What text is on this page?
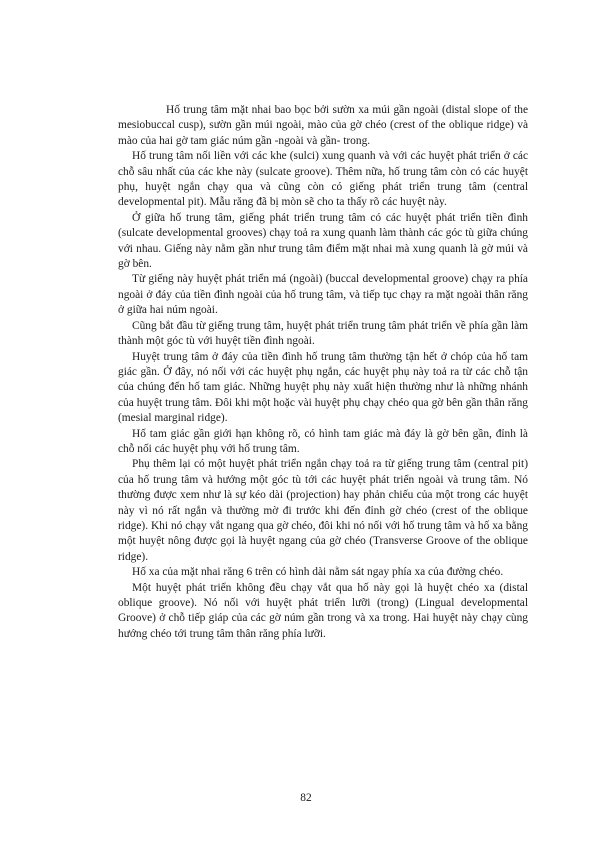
Hố trung tâm mặt nhai bao bọc bởi sườn xa múi gần ngoài (distal slope of the mesiobuccal cusp), sườn gần múi ngoài, mào của gờ chéo (crest of the oblique ridge) và mào của hai gờ tam giác núm gần -ngoài và gần- trong.

Hố trung tâm nối liền với các khe (sulci) xung quanh và với các huyệt phát triển ở các chỗ sâu nhất của các khe này (sulcate groove). Thêm nữa, hố trung tâm còn có các huyệt phụ, huyệt ngắn chạy qua và cũng còn có giếng phát triển trung tâm (central developmental pit). Mẫu răng đã bị mòn sẽ cho ta thấy rõ các huyệt này.

Ở giữa hố trung tâm, giếng phát triển trung tâm có các huyệt phát triển tiền đình (sulcate developmental grooves) chạy toả ra xung quanh làm thành các góc tù giữa chúng với nhau. Giếng này nằm gần như trung tâm điểm mặt nhai mà xung quanh là gờ múi và gờ bên.

Từ giếng này huyệt phát triển má (ngoài) (buccal developmental groove) chạy ra phía ngoài ở đáy của tiền đình ngoài của hố trung tâm, và tiếp tục chạy ra mặt ngoài thân răng ở giữa hai núm ngoài.

Cũng bắt đầu từ giếng trung tâm, huyệt phát triển trung tâm phát triển về phía gần làm thành một góc tù với huyệt tiền đình ngoài.

Huyệt trung tâm ở đáy của tiền đình hố trung tâm thường tận hết ở chóp của hố tam giác gần. Ở đây, nó nối với các huyệt phụ ngắn, các huyệt phụ này toả ra từ các chỗ tận của chúng đến hố tam giác. Những huyệt phụ này xuất hiện thường như là những nhánh của huyệt trung tâm. Đôi khi một hoặc vài huyệt phụ chạy chéo qua gờ bên gần thân răng (mesial marginal ridge).

Hố tam giác gần giới hạn không rõ, có hình tam giác mà đáy là gờ bên gần, đỉnh là chỗ nối các huyệt phụ với hố trung tâm.

Phụ thêm lại có một huyệt phát triển ngắn chạy toả ra từ giếng trung tâm (central pit) của hố trung tâm và hướng một góc tù tới các huyệt phát triển ngoài và trung tâm. Nó thường được xem như là sự kéo dài (projection) hay phản chiếu của một trong các huyệt này vì nó rất ngắn và thường mờ đi trước khi đến đỉnh gờ chéo (crest of the oblique ridge). Khi nó chạy vắt ngang qua gờ chéo, đôi khi nó nối với hố trung tâm và hố xa bằng một huyệt nông được gọi là huyệt ngang của gờ chéo (Transverse Groove of the oblique ridge).

Hố xa của mặt nhai răng 6 trên có hình dài nằm sát ngay phía xa của đường chéo.

Một huyệt phát triển không đều chạy vắt qua hố này gọi là huyệt chéo xa (distal oblique groove). Nó nối với huyệt phát triển lưỡi (trong) (Lingual developmental Groove) ở chỗ tiếp giáp của các gờ núm gần trong và xa trong. Hai huyệt này chạy cùng hướng chéo tới trung tâm thân răng phía lưỡi.

82
